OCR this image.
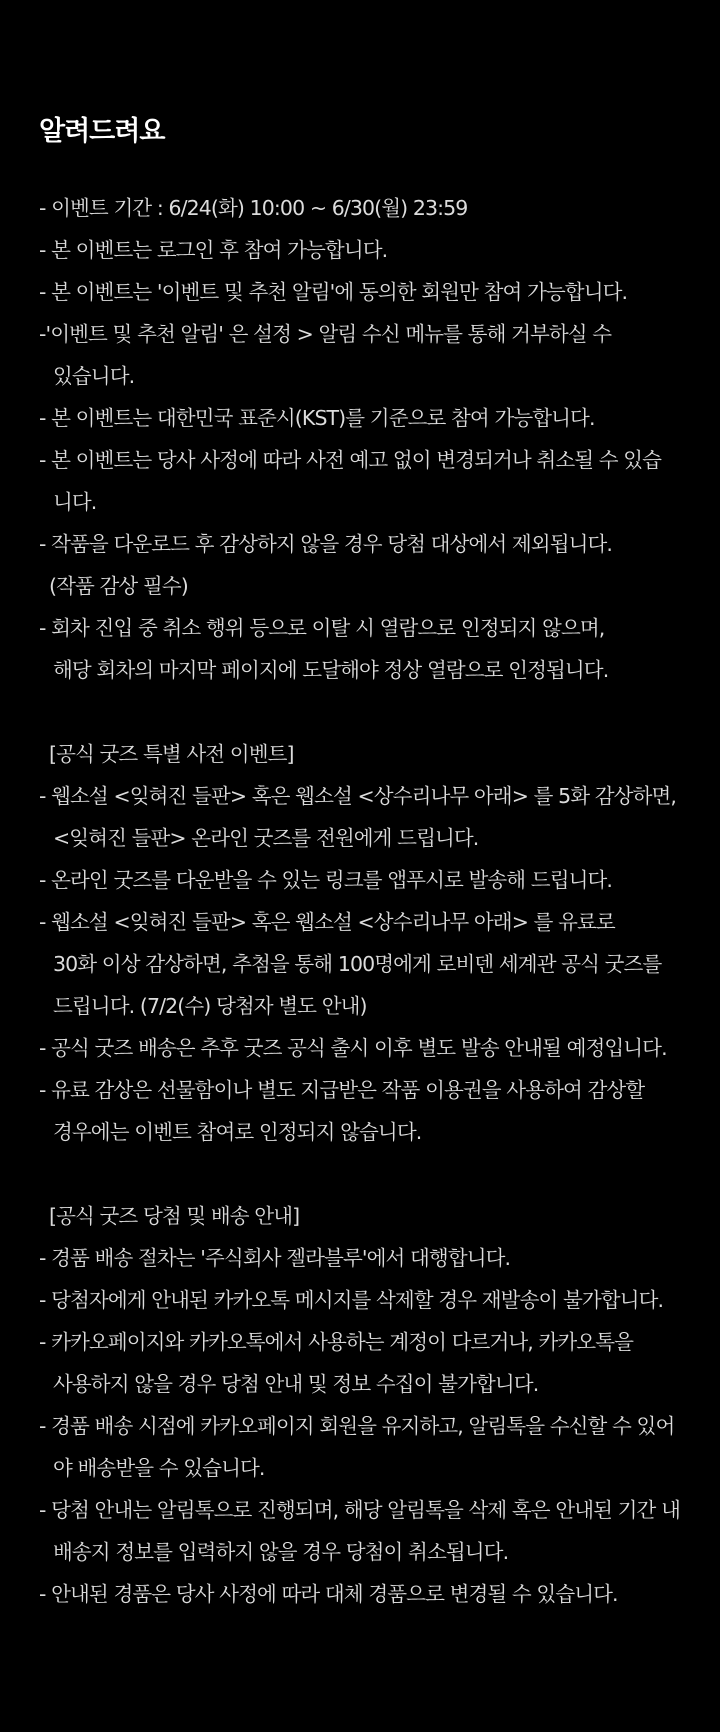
알려드려요
- 이벤트 기간 : 6/24(화) 10:00 ~ 6/30(월) 23:59
- 본 이벤트는 로그인 후 참여 가능합니다.
- 본 이벤트는 '이벤트 및 추천 알림'에 동의한 회원만 참여 가능합니다.
-'이벤트 및 추천 알림' 은 설정 > 알림 수신 메뉴를 통해 거부하실 수
있습니다.
- 본 이벤트는 대한민국 표준시(KST)를 기준으로 참여 가능합니다.
- 본 이벤트는 당사 사정에 따라 사전 예고 없이 변경되거나 취소될 수 있습
니다.
- 작품을 다운로드 후 감상하지 않을 경우 당첨 대상에서 제외됩니다.
(작품 감상 필수)
- 회차 진입 중 취소 행위 등으로 이탈 시 열람으로 인정되지 않으며,
해당 회차의 마지막 페이지에 도달해야 정상 열람으로 인정됩니다.
[공식 굿즈 특별 사전 이벤트]
- 웹소설 <잊혀진 들판> 혹은 웹소설 <상수리나무 아래> 를 5화 감상하면,
<잊혀진 들판> 온라인 굿즈를 전원에게 드립니다.
- 온라인 굿즈를 다운받을 수 있는 링크를 앱푸시로 발송해 드립니다.
- 웹소설 <잊혀진 들판> 혹은 웹소설 <상수리나무 아래> 를 유료로
30화 이상 감상하면, 추첨을 통해 100명에게 로비덴 세계관 공식 굿즈를
드립니다. (7/2(수) 당첨자 별도 안내)
- 공식 굿즈 배송은 추후 굿즈 공식 출시 이후 별도 발송 안내될 예정입니다.
- 유료 감상은 선물함이나 별도 지급받은 작품 이용권을 사용하여 감상할
경우에는 이벤트 참여로 인정되지 않습니다.
[공식 굿즈 당첨 및 배송 안내]
- 경품 배송 절차는 '주식회사 젤라블루'에서 대행합니다.
- 당첨자에게 안내된 카카오톡 메시지를 삭제할 경우 재발송이 불가합니다.
- 카카오페이지와 카카오톡에서 사용하는 계정이 다르거나, 카카오톡을
사용하지 않을 경우 당첨 안내 및 정보 수집이 불가합니다.
- 경품 배송 시점에 카카오페이지 회원을 유지하고, 알림톡을 수신할 수 있어
야 배송받을 수 있습니다.
- 당첨 안내는 알림톡으로 진행되며, 해당 알림톡을 삭제 혹은 안내된 기간 내
배송지 정보를 입력하지 않을 경우 당첨이 취소됩니다.
- 안내된 경품은 당사 사정에 따라 대체 경품으로 변경될 수 있습니다.
